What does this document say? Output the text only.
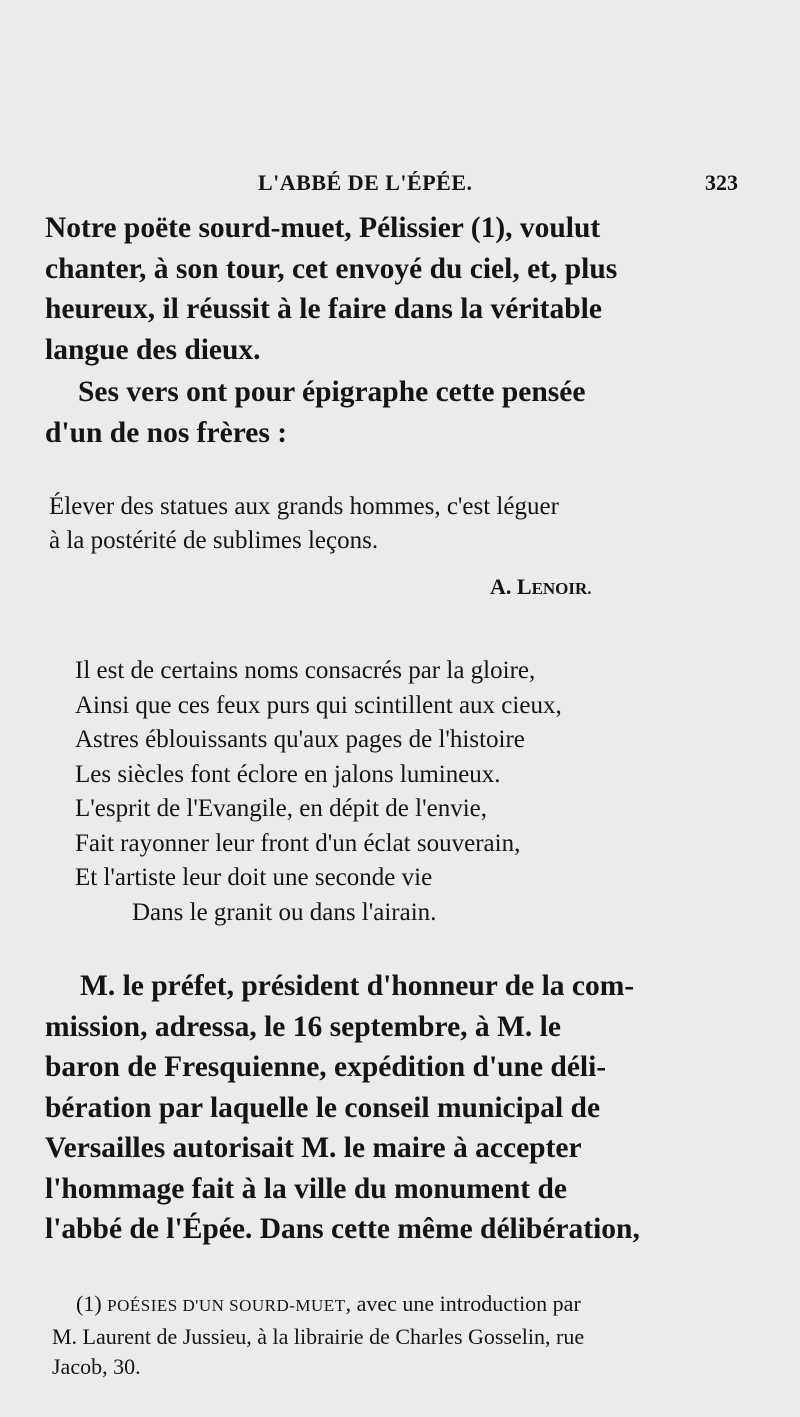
L'ABBÉ DE L'ÉPÉE.	323
Notre poëte sourd-muet, Pélissier (1), voulut
chanter, à son tour, cet envoyé du ciel, et, plus
heureux, il réussit à le faire dans la véritable
langue des dieux.
Ses vers ont pour épigraphe cette pensée
d'un de nos frères :
Élever des statues aux grands hommes, c'est léguer
à la postérité de sublimes leçons.
A. LENOIR.
Il est de certains noms consacrés par la gloire,
Ainsi que ces feux purs qui scintillent aux cieux,
Astres éblouissants qu'aux pages de l'histoire
Les siècles font éclore en jalons lumineux.
L'esprit de l'Evangile, en dépit de l'envie,
Fait rayonner leur front d'un éclat souverain,
Et l'artiste leur doit une seconde vie
Dans le granit ou dans l'airain.
M. le préfet, président d'honneur de la com-
mission, adressa, le 16 septembre, à M. le
baron de Fresquienne, expédition d'une déli-
bération par laquelle le conseil municipal de
Versailles autorisait M. le maire à accepter
l'hommage fait à la ville du monument de
l'abbé de l'Épée. Dans cette même délibération,
(1) POÉSIES D'UN SOURD-MUET, avec une introduction par
M. Laurent de Jussieu, à la librairie de Charles Gosselin, rue
Jacob, 30.
